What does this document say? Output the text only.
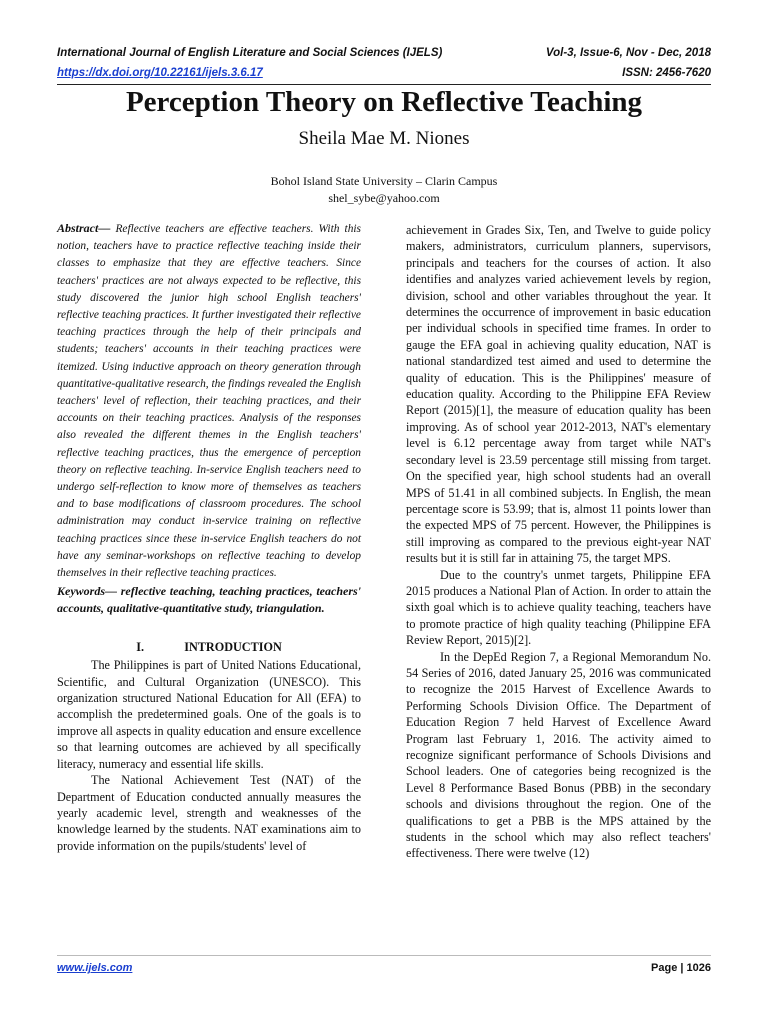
International Journal of English Literature and Social Sciences (IJELS)	Vol-3, Issue-6, Nov - Dec, 2018
https://dx.doi.org/10.22161/ijels.3.6.17	ISSN: 2456-7620
Perception Theory on Reflective Teaching
Sheila Mae M. Niones
Bohol Island State University – Clarin Campus
shel_sybe@yahoo.com

Abstract— Reflective teachers are effective teachers. With this notion, teachers have to practice reflective teaching inside their classes to emphasize that they are effective teachers. Since teachers' practices are not always expected to be reflective, this study discovered the junior high school English teachers' reflective teaching practices. It further investigated their reflective teaching practices through the help of their principals and students; teachers' accounts in their teaching practices were itemized. Using inductive approach on theory generation through quantitative-qualitative research, the findings revealed the English teachers' level of reflection, their teaching practices, and their accounts on their teaching practices. Analysis of the responses also revealed the different themes in the English teachers' reflective teaching practices, thus the emergence of perception theory on reflective teaching. In-service English teachers need to undergo self-reflection to know more of themselves as teachers and to base modifications of classroom procedures. The school administration may conduct in-service training on reflective teaching practices since these in-service English teachers do not have any seminar-workshops on reflective teaching to develop themselves in their reflective teaching practices.

Keywords— reflective teaching, teaching practices, teachers' accounts, qualitative-quantitative study, triangulation.

I.	INTRODUCTION

The Philippines is part of United Nations Educational, Scientific, and Cultural Organization (UNESCO). This organization structured National Education for All (EFA) to accomplish the predetermined goals. One of the goals is to improve all aspects in quality education and ensure excellence so that learning outcomes are achieved by all specifically literacy, numeracy and essential life skills.

The National Achievement Test (NAT) of the Department of Education conducted annually measures the yearly academic level, strength and weaknesses of the knowledge learned by the students. NAT examinations aim to provide information on the pupils/students' level of

achievement in Grades Six, Ten, and Twelve to guide policy makers, administrators, curriculum planners, supervisors, principals and teachers for the courses of action. It also identifies and analyzes varied achievement levels by region, division, school and other variables throughout the year. It determines the occurrence of improvement in basic education per individual schools in specified time frames. In order to gauge the EFA goal in achieving quality education, NAT is national standardized test aimed and used to determine the quality of education. This is the Philippines' measure of education quality. According to the Philippine EFA Review Report (2015)[1], the measure of education quality has been improving. As of school year 2012-2013, NAT's elementary level is 6.12 percentage away from target while NAT's secondary level is 23.59 percentage still missing from target. On the specified year, high school students had an overall MPS of 51.41 in all combined subjects. In English, the mean percentage score is 53.99; that is, almost 11 points lower than the expected MPS of 75 percent. However, the Philippines is still improving as compared to the previous eight-year NAT results but it is still far in attaining 75, the target MPS.

Due to the country's unmet targets, Philippine EFA 2015 produces a National Plan of Action. In order to attain the sixth goal which is to achieve quality teaching, teachers have to promote practice of high quality teaching (Philippine EFA Review Report, 2015)[2].

In the DepEd Region 7, a Regional Memorandum No. 54 Series of 2016, dated January 25, 2016 was communicated to recognize the 2015 Harvest of Excellence Awards to Performing Schools Division Office. The Department of Education Region 7 held Harvest of Excellence Award Program last February 1, 2016. The activity aimed to recognize significant performance of Schools Divisions and School leaders. One of categories being recognized is the Level 8 Performance Based Bonus (PBB) in the secondary schools and divisions throughout the region. One of the qualifications to get a PBB is the MPS attained by the students in the school which may also reflect teachers' effectiveness. There were twelve (12)

www.ijels.com	Page | 1026
